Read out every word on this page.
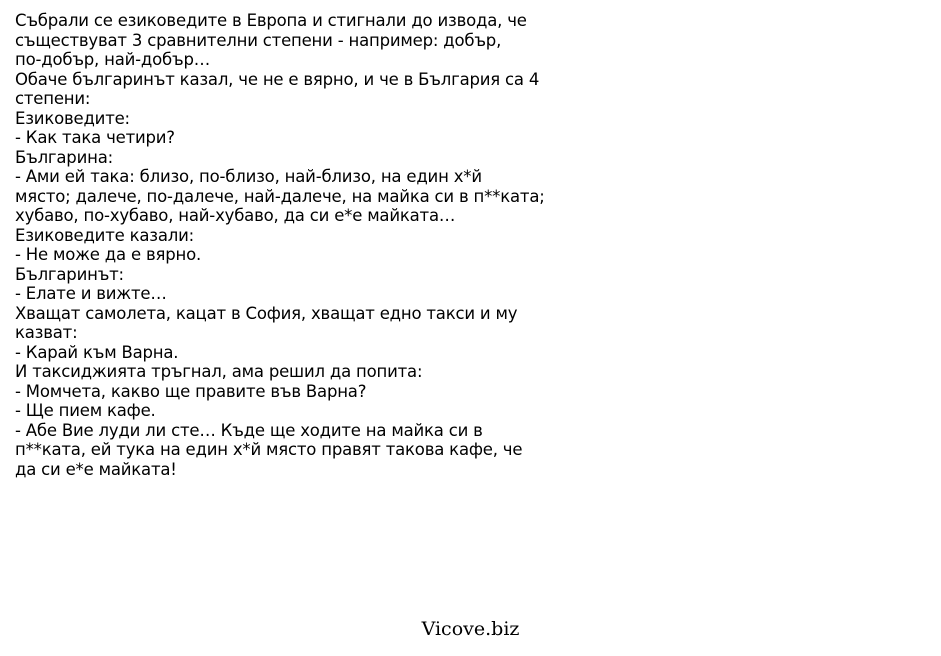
Събрали се езиковедите в Европа и стигнали до извода, че
съществуват 3 сравнителни степени - например: добър,
по-добър, най-добър…
Обаче българинът казал, че не е вярно, и че в България са 4
степени:
Езиковедите:
- Как така четири?
Българина:
- Ами ей така: близо, по-близо, най-близо, на един х*й
място; далече, по-далече, най-далече, на майка си в п**ката;
хубаво, по-хубаво, най-хубаво, да си е*е майката…
Езиковедите казали:
- Не може да е вярно.
Българинът:
- Елате и вижте…
Хващат самолета, кацат в София, хващат едно такси и му
казват:
- Карай към Варна.
И таксиджията тръгнал, ама решил да попита:
- Момчета, какво ще правите във Варна?
- Ще пием кафе.
- Абе Вие луди ли сте… Къде ще ходите на майка си в
п**ката, ей тука на един х*й място правят такова кафе, че
да си е*е майката!
Vicove.biz
